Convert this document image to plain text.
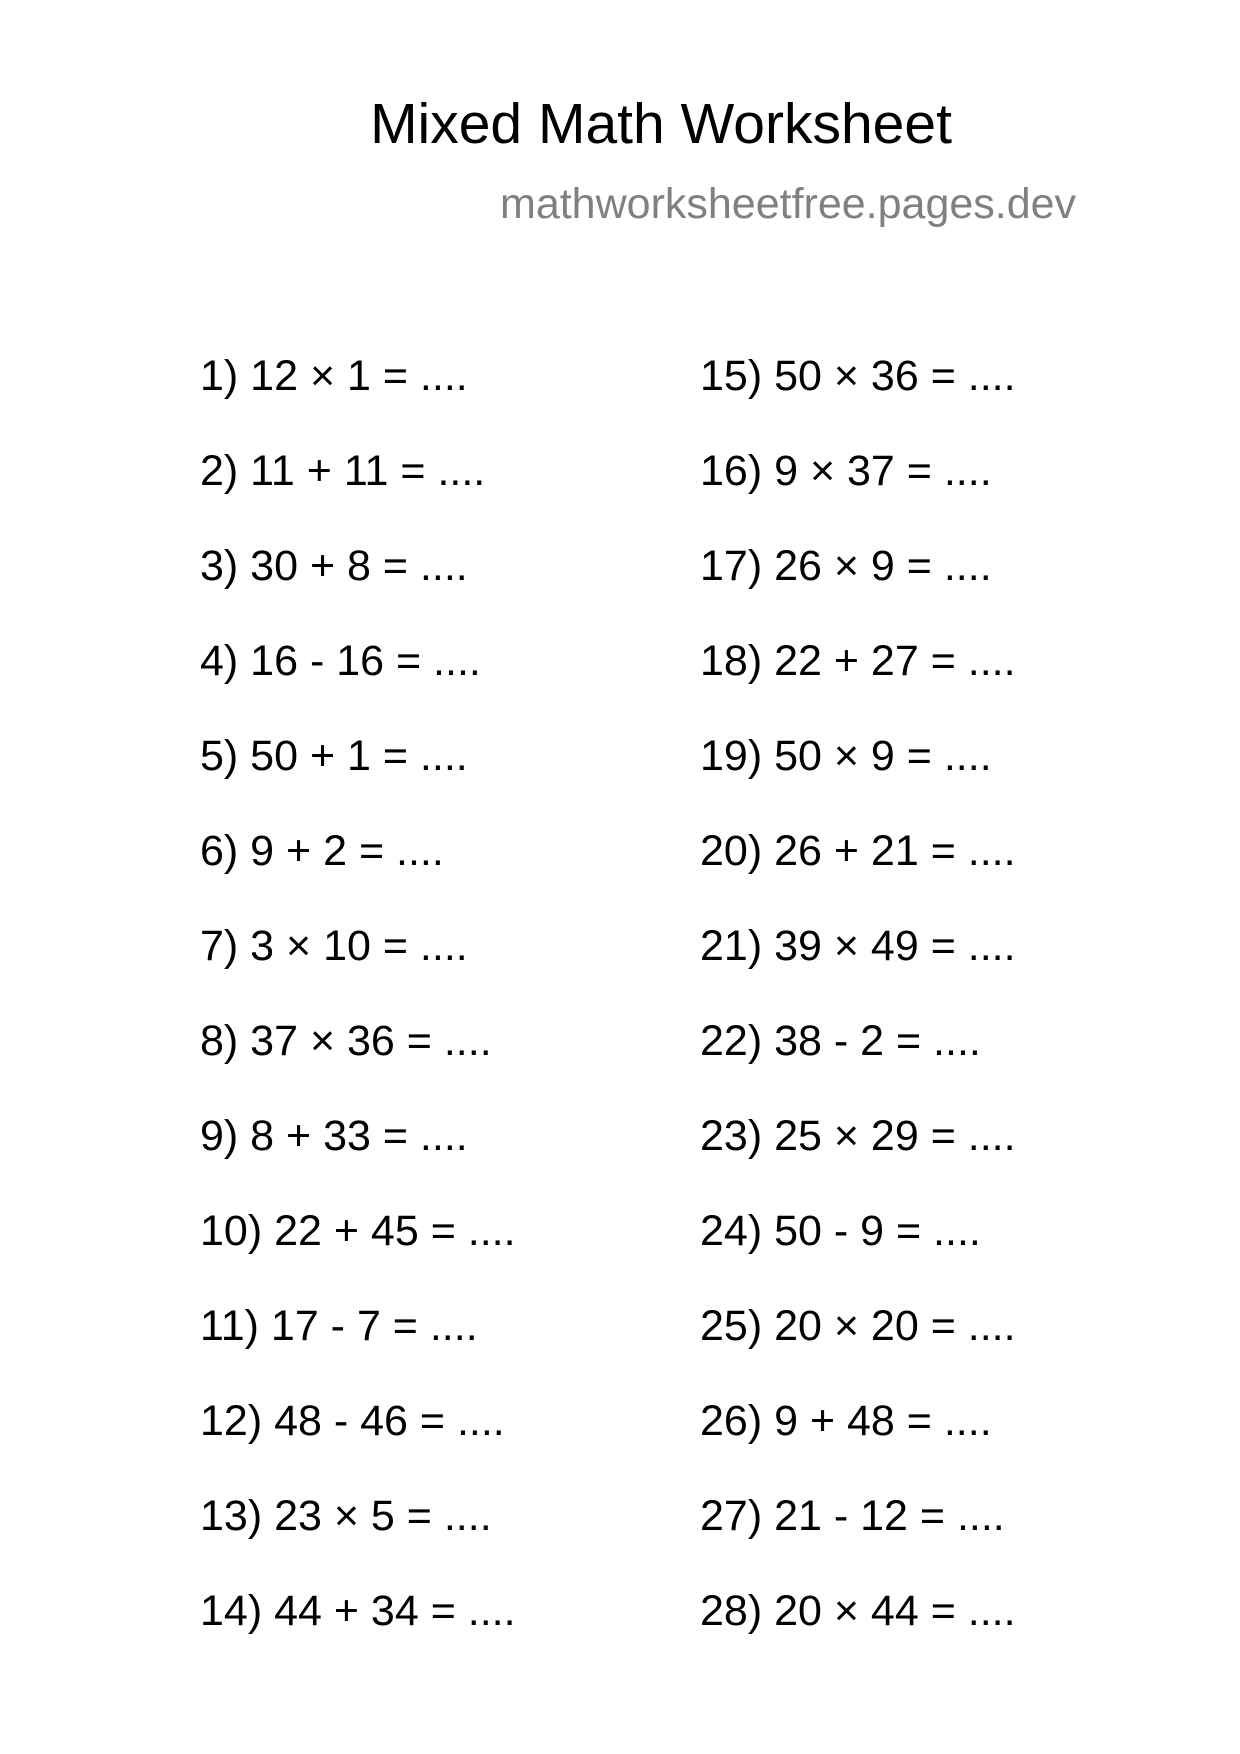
Mixed Math Worksheet
mathworksheetfree.pages.dev
1) 12 × 1 = ....
2) 11 + 11 = ....
3) 30 + 8 = ....
4) 16 - 16 = ....
5) 50 + 1 = ....
6) 9 + 2 = ....
7) 3 × 10 = ....
8) 37 × 36 = ....
9) 8 + 33 = ....
10) 22 + 45 = ....
11) 17 - 7 = ....
12) 48 - 46 = ....
13) 23 × 5 = ....
14) 44 + 34 = ....
15) 50 × 36 = ....
16) 9 × 37 = ....
17) 26 × 9 = ....
18) 22 + 27 = ....
19) 50 × 9 = ....
20) 26 + 21 = ....
21) 39 × 49 = ....
22) 38 - 2 = ....
23) 25 × 29 = ....
24) 50 - 9 = ....
25) 20 × 20 = ....
26) 9 + 48 = ....
27) 21 - 12 = ....
28) 20 × 44 = ....
